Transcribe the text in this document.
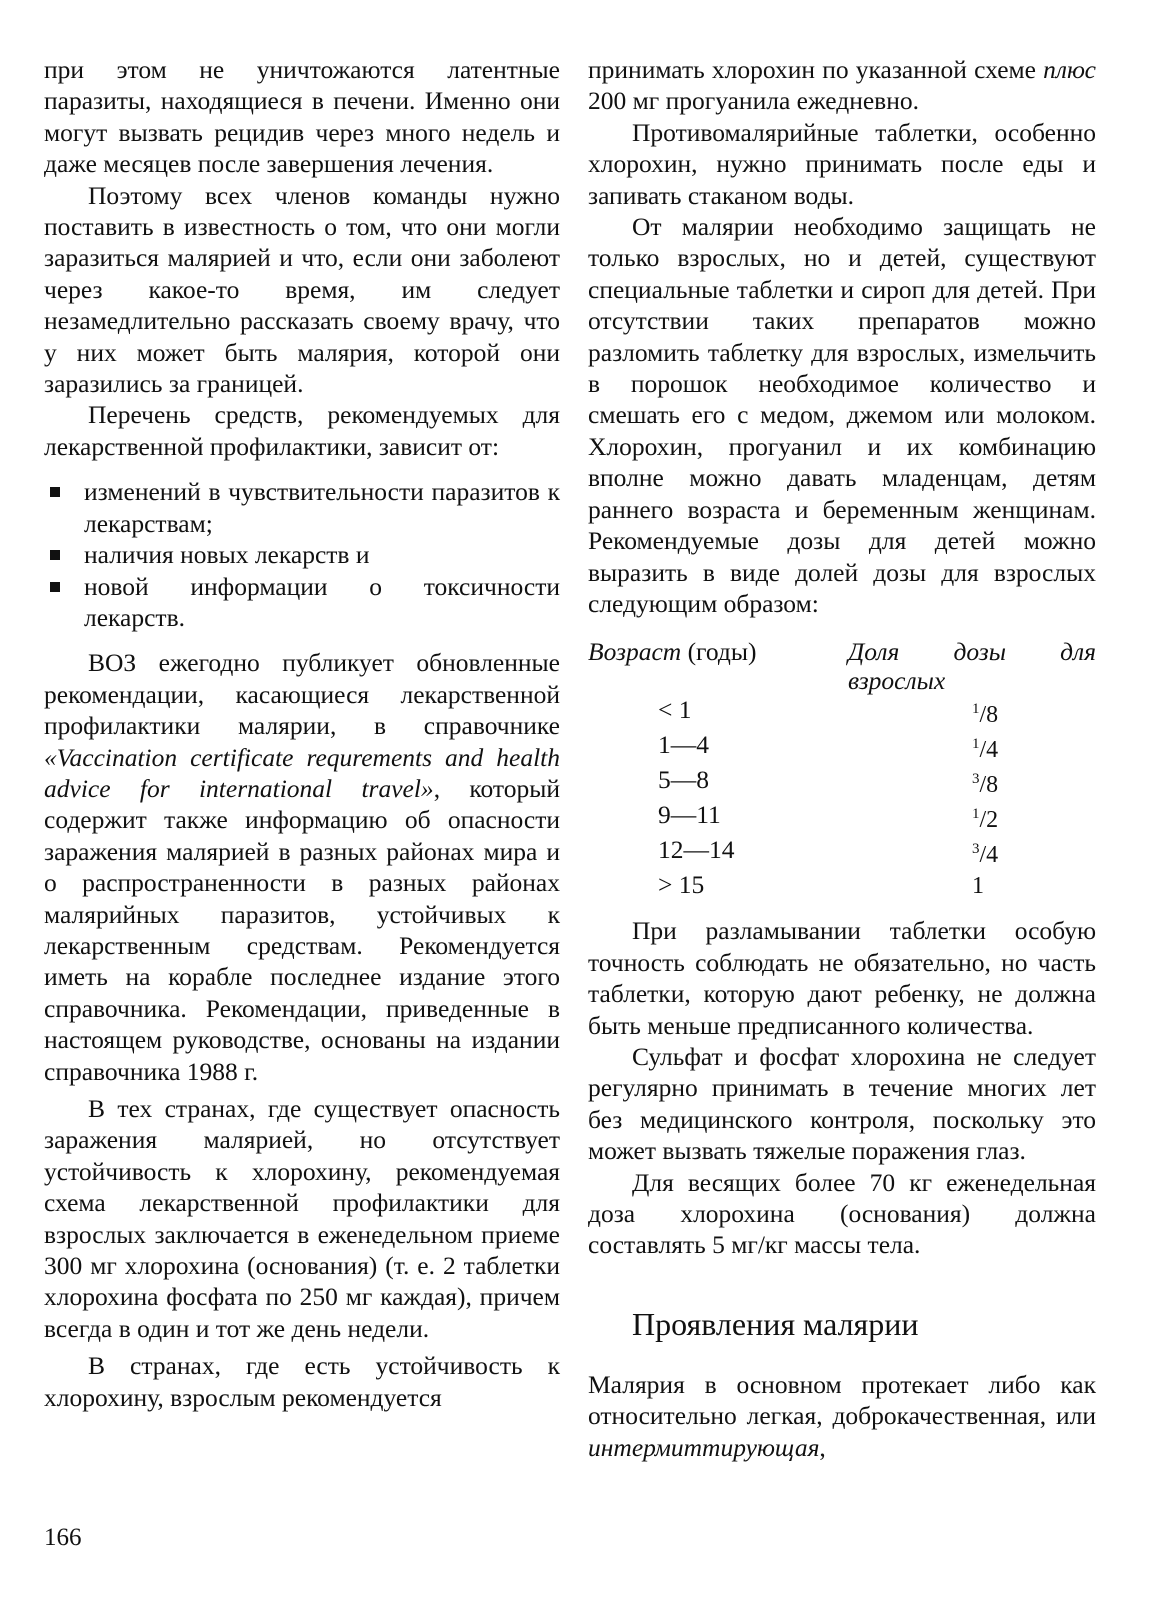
при этом не уничтожаются латентные паразиты, находящиеся в печени. Именно они могут вызвать рецидив через много недель и даже месяцев после завершения лечения.

Поэтому всех членов команды нужно поставить в известность о том, что они могли заразиться малярией и что, если они заболеют через какое-то время, им следует незамедлительно рассказать своему врачу, что у них может быть малярия, которой они заразились за границей.

Перечень средств, рекомендуемых для лекарственной профилактики, зависит от:

изменений в чувствительности паразитов к лекарствам;
наличия новых лекарств и
новой информации о токсичности лекарств.

ВОЗ ежегодно публикует обновленные рекомендации, касающиеся лекарственной профилактики малярии, в справочнике «Vaccination certificate requrements and health advice for international travel», который содержит также информацию об опасности заражения малярией в разных районах мира и о распространенности в разных районах малярийных паразитов, устойчивых к лекарственным средствам. Рекомендуется иметь на корабле последнее издание этого справочника. Рекомендации, приведенные в настоящем руководстве, основаны на издании справочника 1988 г.

В тех странах, где существует опасность заражения малярией, но отсутствует устойчивость к хлорохину, рекомендуемая схема лекарственной профилактики для взрослых заключается в еженедельном приеме 300 мг хлорохина (основания) (т. е. 2 таблетки хлорохина фосфата по 250 мг каждая), причем всегда в один и тот же день недели.

В странах, где есть устойчивость к хлорохину, взрослым рекомендуется

принимать хлорохин по указанной схеме плюс 200 мг прогуанила ежедневно.

Противомалярийные таблетки, особенно хлорохин, нужно принимать после еды и запивать стаканом воды.

От малярии необходимо защищать не только взрослых, но и детей, существуют специальные таблетки и сироп для детей. При отсутствии таких препаратов можно разломить таблетку для взрослых, измельчить в порошок необходимое количество и смешать его с медом, джемом или молоком. Хлорохин, прогуанил и их комбинацию вполне можно давать младенцам, детям раннего возраста и беременным женщинам. Рекомендуемые дозы для детей можно выразить в виде долей дозы для взрослых следующим образом:

Возраст (годы)	Доля дозы для взрослых
< 1	$^1$/8
1—4	$^1$/4
5—8	$^3$/8
9—11	$^1$/2
12—14	$^3$/4
> 15	1

При разламывании таблетки особую точность соблюдать не обязательно, но часть таблетки, которую дают ребенку, не должна быть меньше предписанного количества.

Сульфат и фосфат хлорохина не следует регулярно принимать в течение многих лет без медицинского контроля, поскольку это может вызвать тяжелые поражения глаз.

Для весящих более 70 кг еженедельная доза хлорохина (основания) должна составлять 5 мг/кг массы тела.

Проявления малярии

Малярия в основном протекает либо как относительно легкая, доброкачественная, или интермиттирующая,

166
